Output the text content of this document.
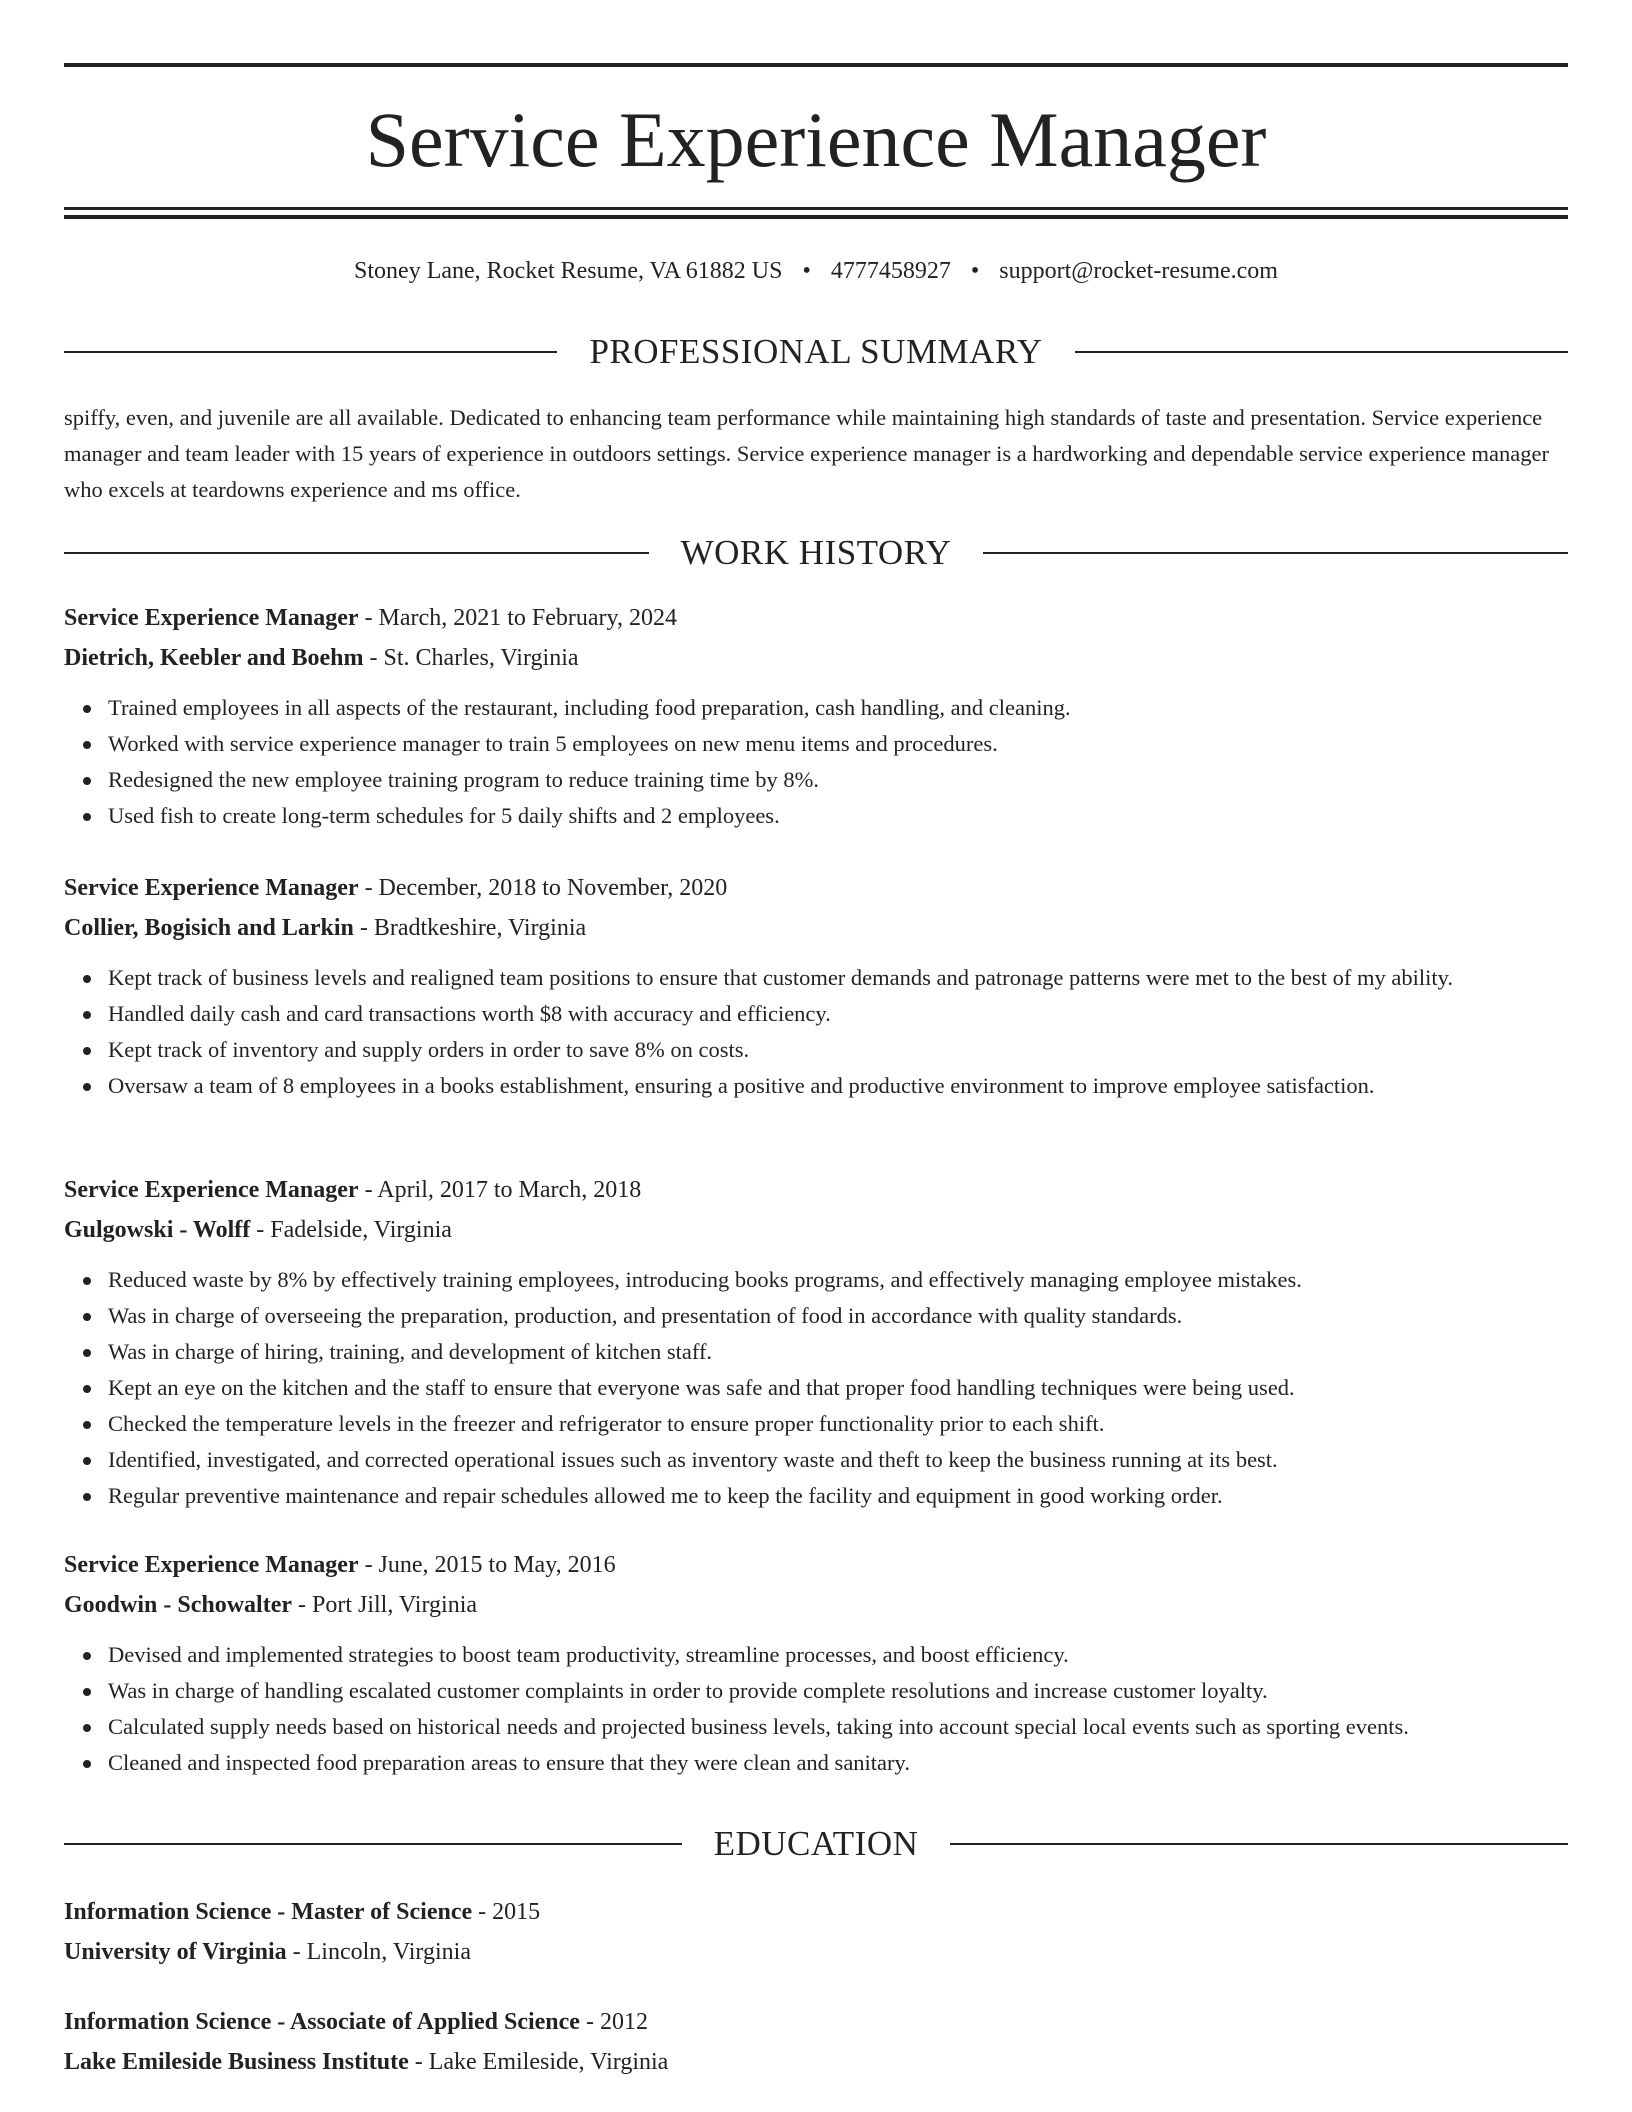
Service Experience Manager
Stoney Lane, Rocket Resume, VA 61882 US • 4777458927 • support@rocket-resume.com
PROFESSIONAL SUMMARY

spiffy, even, and juvenile are all available. Dedicated to enhancing team performance while maintaining high standards of taste and presentation. Service experience manager and team leader with 15 years of experience in outdoors settings. Service experience manager is a hardworking and dependable service experience manager who excels at teardowns experience and ms office.

WORK HISTORY

Service Experience Manager - March, 2021 to February, 2024

Dietrich, Keebler and Boehm - St. Charles, Virginia

Trained employees in all aspects of the restaurant, including food preparation, cash handling, and cleaning.
Worked with service experience manager to train 5 employees on new menu items and procedures.
Redesigned the new employee training program to reduce training time by 8%.
Used fish to create long-term schedules for 5 daily shifts and 2 employees.

Service Experience Manager - December, 2018 to November, 2020

Collier, Bogisich and Larkin - Bradtkeshire, Virginia

Kept track of business levels and realigned team positions to ensure that customer demands and patronage patterns were met to the best of my ability.
Handled daily cash and card transactions worth $8 with accuracy and efficiency.
Kept track of inventory and supply orders in order to save 8% on costs.
Oversaw a team of 8 employees in a books establishment, ensuring a positive and productive environment to improve employee satisfaction.

Service Experience Manager - April, 2017 to March, 2018

Gulgowski - Wolff - Fadelside, Virginia

Reduced waste by 8% by effectively training employees, introducing books programs, and effectively managing employee mistakes.
Was in charge of overseeing the preparation, production, and presentation of food in accordance with quality standards.
Was in charge of hiring, training, and development of kitchen staff.
Kept an eye on the kitchen and the staff to ensure that everyone was safe and that proper food handling techniques were being used.
Checked the temperature levels in the freezer and refrigerator to ensure proper functionality prior to each shift.
Identified, investigated, and corrected operational issues such as inventory waste and theft to keep the business running at its best.
Regular preventive maintenance and repair schedules allowed me to keep the facility and equipment in good working order.

Service Experience Manager - June, 2015 to May, 2016

Goodwin - Schowalter - Port Jill, Virginia

Devised and implemented strategies to boost team productivity, streamline processes, and boost efficiency.
Was in charge of handling escalated customer complaints in order to provide complete resolutions and increase customer loyalty.
Calculated supply needs based on historical needs and projected business levels, taking into account special local events such as sporting events.
Cleaned and inspected food preparation areas to ensure that they were clean and sanitary.
EDUCATION

Information Science - Master of Science - 2015

University of Virginia - Lincoln, Virginia

Information Science - Associate of Applied Science - 2012

Lake Emileside Business Institute - Lake Emileside, Virginia
